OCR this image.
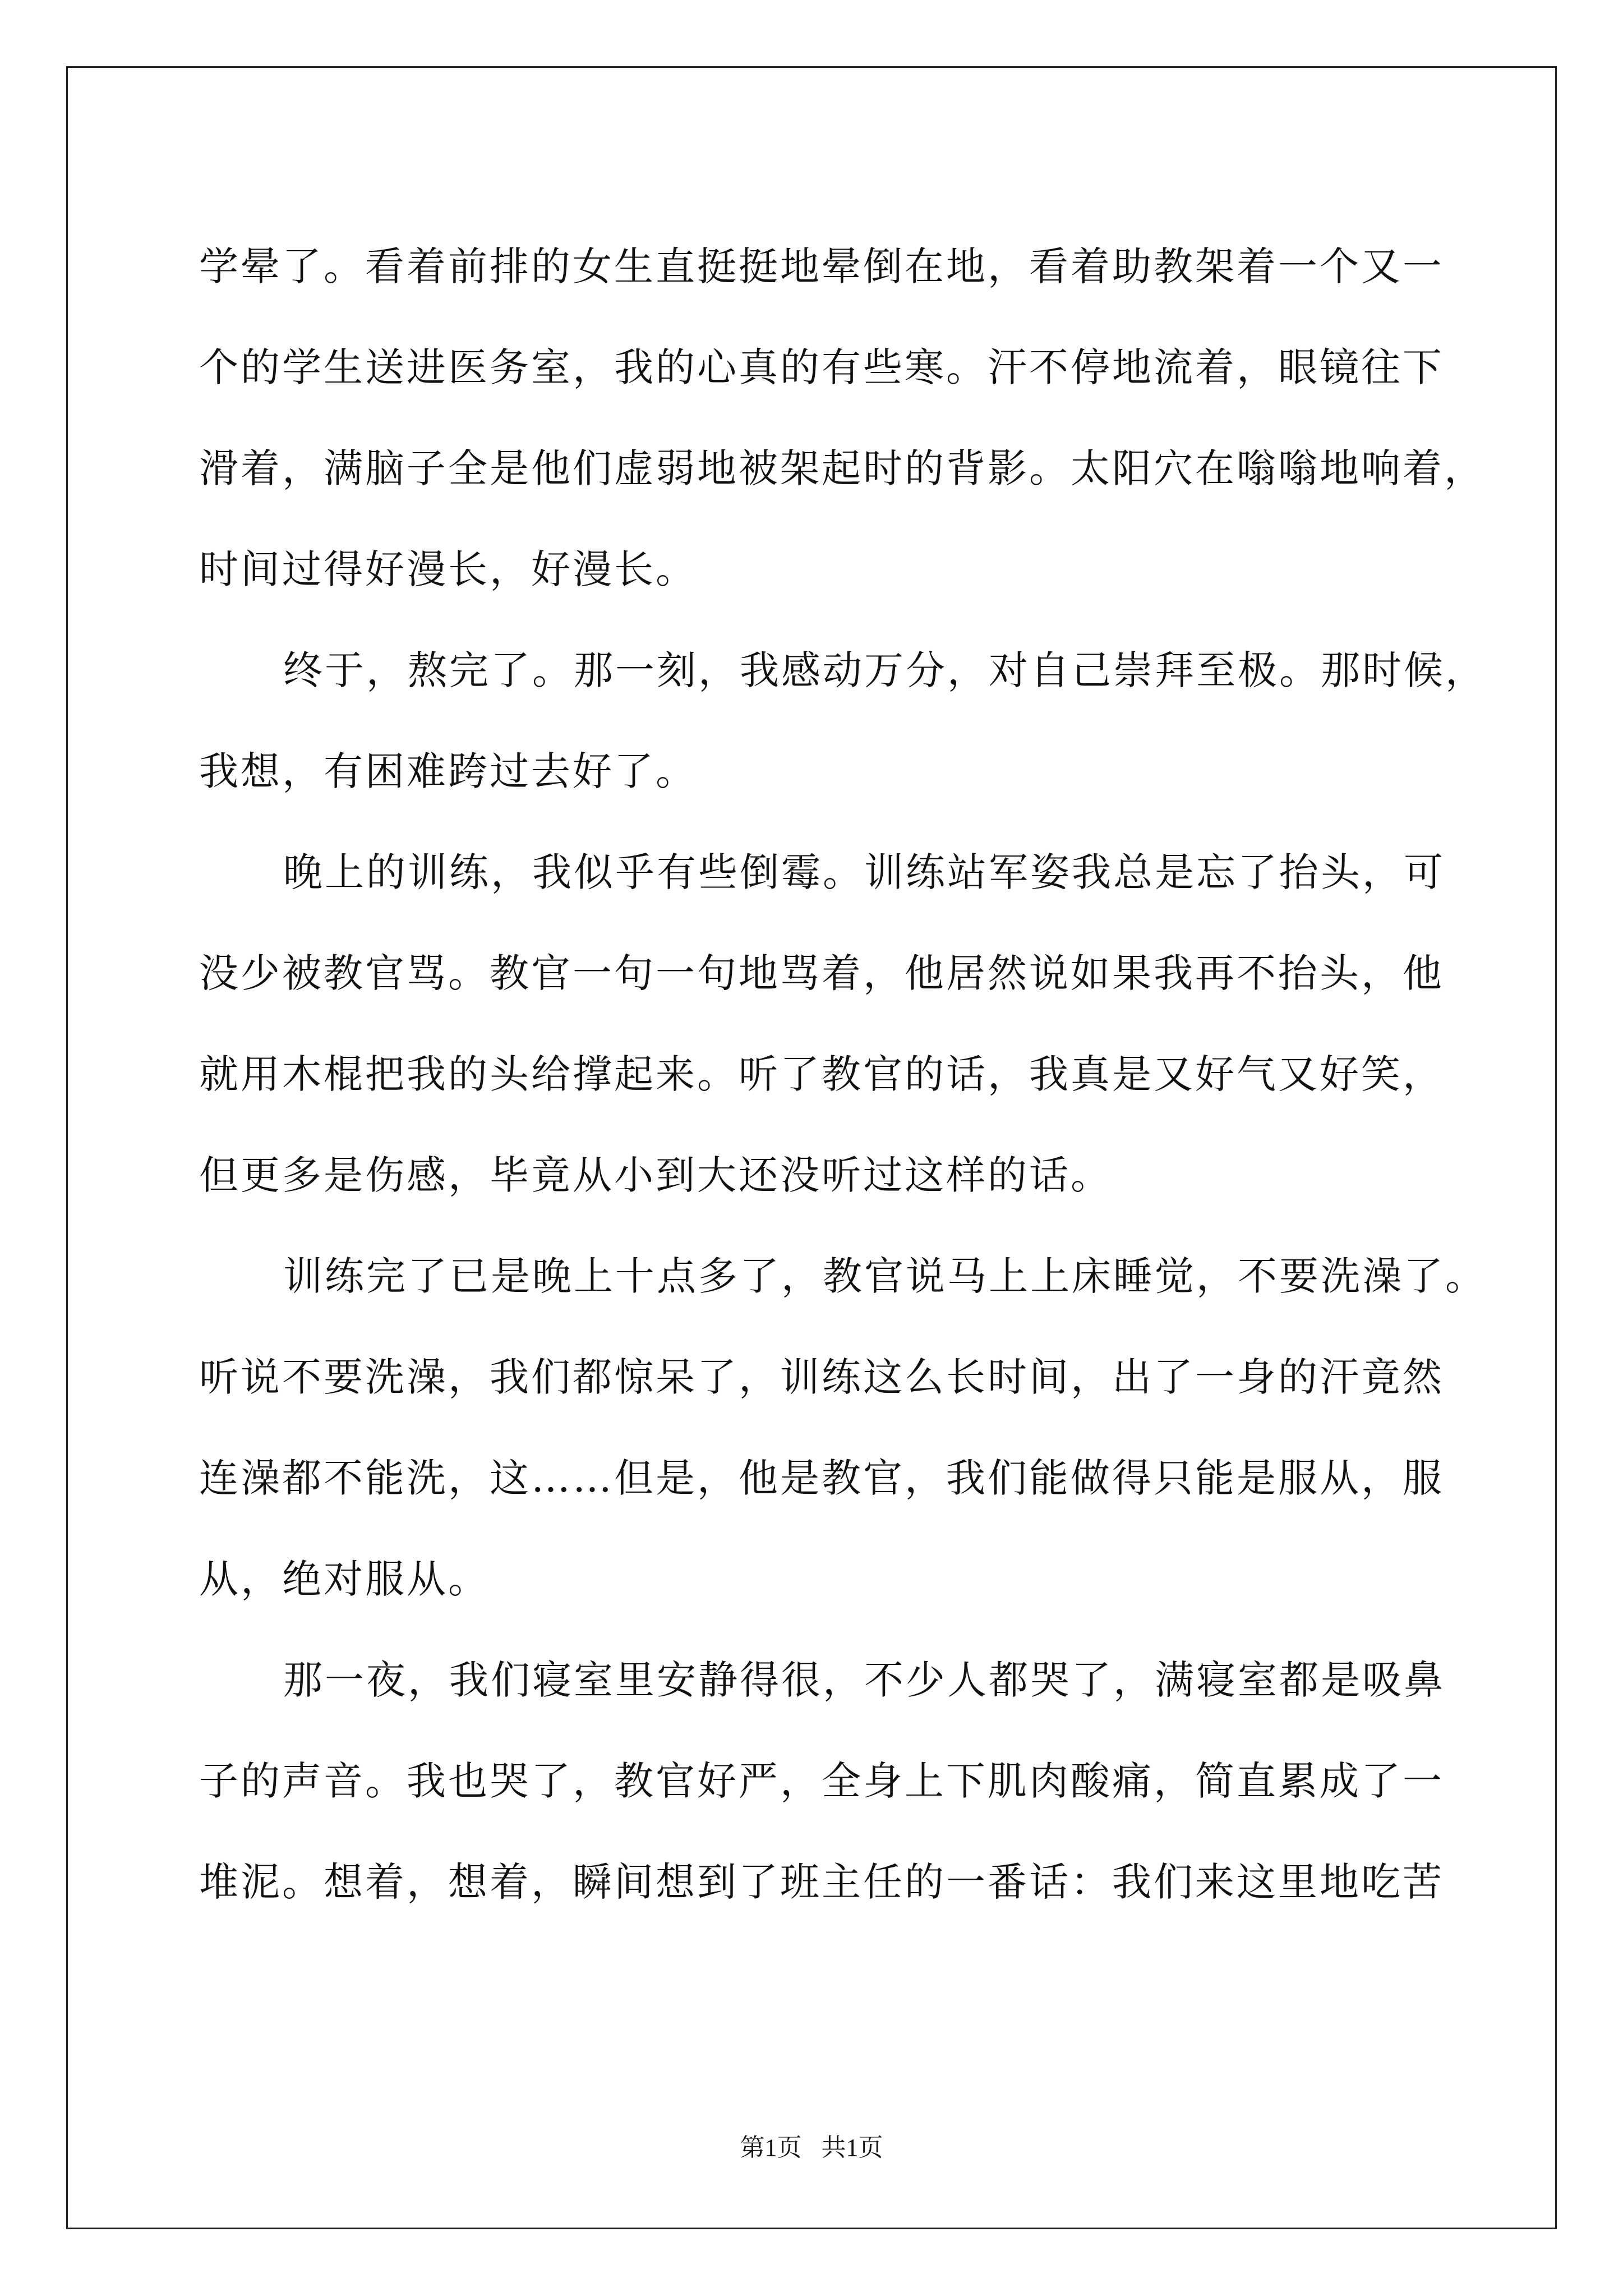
学晕了。看着前排的女生直挺挺地晕倒在地，看着助教架着一个又一
个的学生送进医务室，我的心真的有些寒。汗不停地流着，眼镜往下
滑着，满脑子全是他们虚弱地被架起时的背影。太阳穴在嗡嗡地响着，
时间过得好漫长，好漫长。
终于，熬完了。那一刻，我感动万分，对自己崇拜至极。那时候，
我想，有困难跨过去好了。
晚上的训练，我似乎有些倒霉。训练站军姿我总是忘了抬头，可
没少被教官骂。教官一句一句地骂着，他居然说如果我再不抬头，他
就用木棍把我的头给撑起来。听了教官的话，我真是又好气又好笑，
但更多是伤感，毕竟从小到大还没听过这样的话。
训练完了已是晚上十点多了，教官说马上上床睡觉，不要洗澡了。
听说不要洗澡，我们都惊呆了，训练这么长时间，出了一身的汗竟然
连澡都不能洗，这……但是，他是教官，我们能做得只能是服从，服
从，绝对服从。
那一夜，我们寝室里安静得很，不少人都哭了，满寝室都是吸鼻
子的声音。我也哭了，教官好严，全身上下肌肉酸痛，简直累成了一
堆泥。想着，想着，瞬间想到了班主任的一番话：我们来这里地吃苦
第1页 共1页
